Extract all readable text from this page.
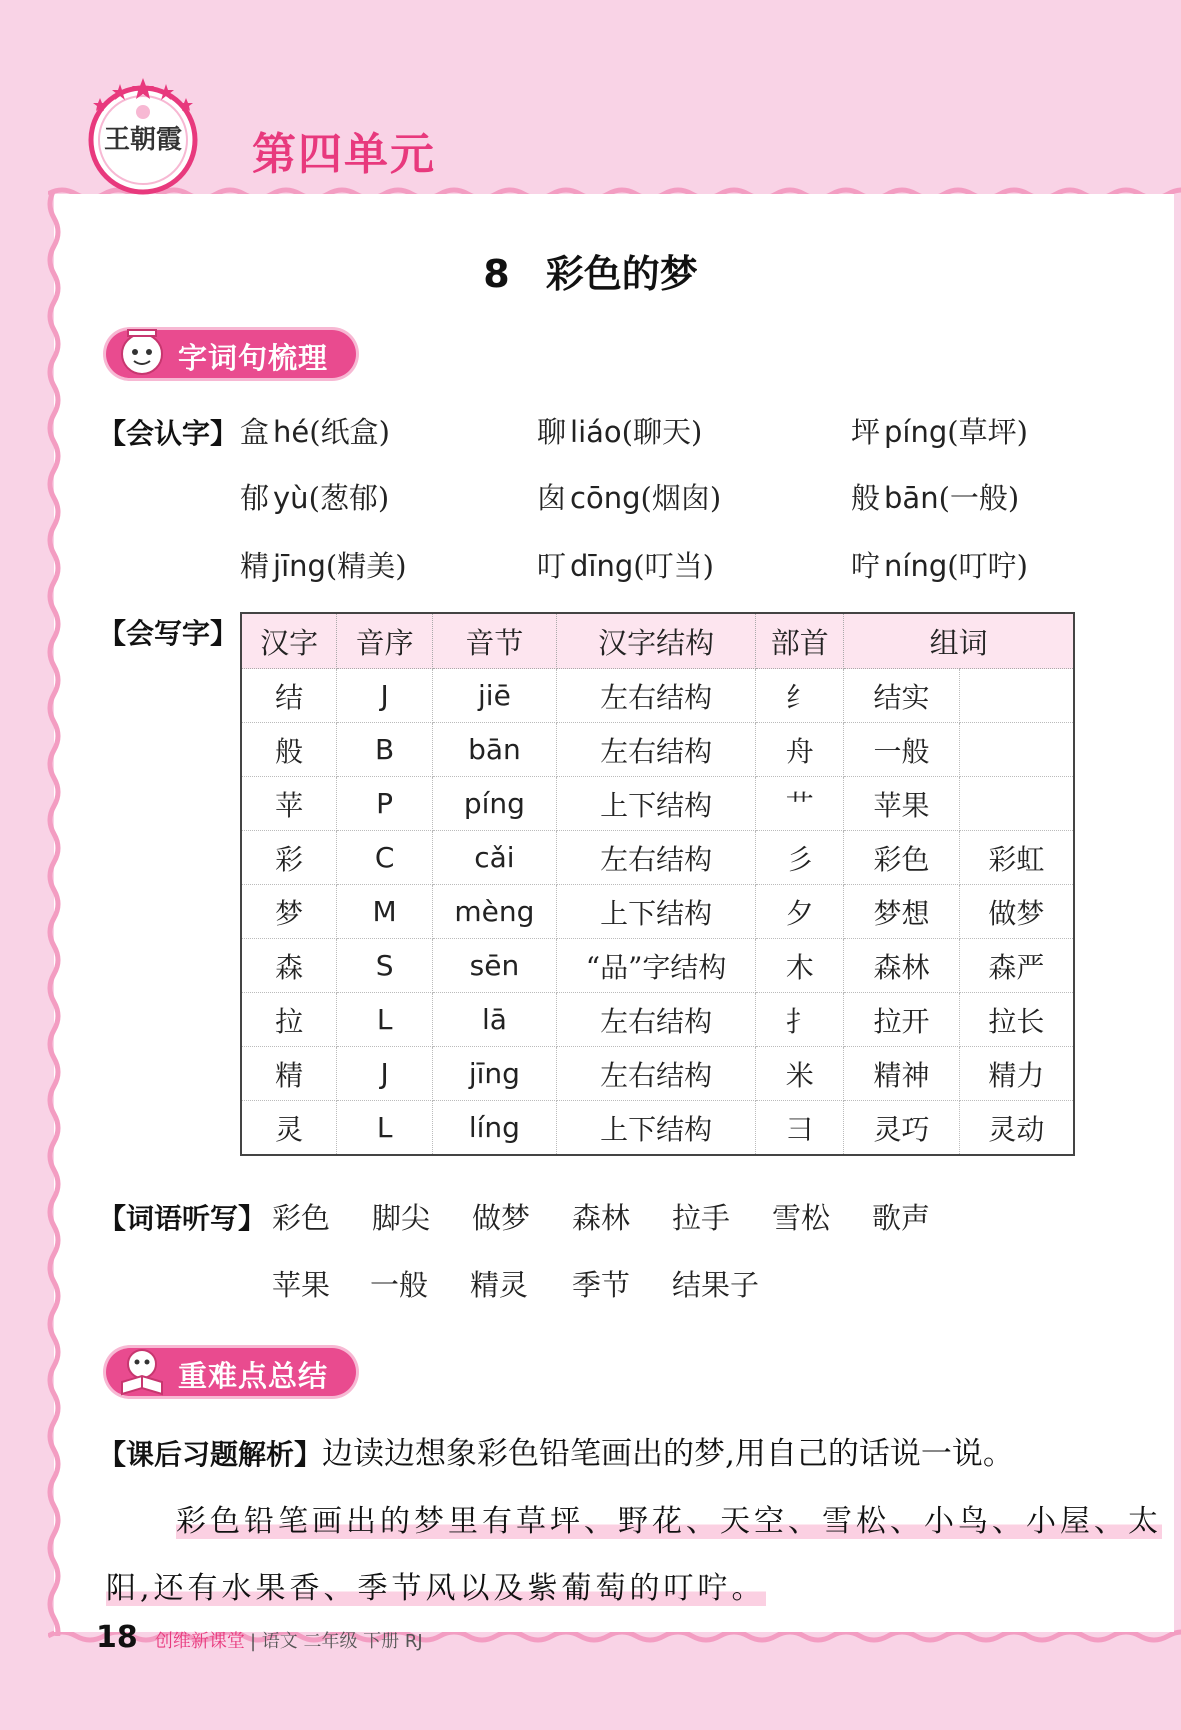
王朝霞 第四单元
8 彩色的梦
字词句梳理
【会认字】 盒 hé(纸盒)	聊 liáo(聊天)	坪 píng(草坪)
郁 yù(葱郁)	囱 cōng(烟囱)	般 bān(一般)
精 jīng(精美)	叮 dīng(叮当)	咛 níng(叮咛)
【会写字】 汉字	音序	音节	汉字结构	部首	组词	
结	J	jiē	左右结构	纟	结实	
般	B	bān	左右结构	舟	一般	
苹	P	píng	上下结构	艹	苹果	
彩	C	cǎi	左右结构	彡	彩色	彩虹
梦	M	mèng	上下结构	夕	梦想	做梦
森	S	sēn	“品”字结构	木	森林	森严
拉	L	lā	左右结构	扌	拉开	拉长
精	J	jīng	左右结构	米	精神	精力
灵	L	líng	上下结构	彐	灵巧	灵动
【词语听写】 彩色 脚尖 做梦 森林 拉手 雪松 歌声
苹果 一般 精灵 季节 结果子
重难点总结
【课后习题解析】边读边想象彩色铅笔画出的梦,用自己的话说一说。
彩色铅笔画出的梦里有草坪、野花、天空、雪松、小鸟、小屋、太
阳,还有水果香、季节风以及紫葡萄的叮咛。
18 创维新课堂 | 语文 二年级 下册 RJ
